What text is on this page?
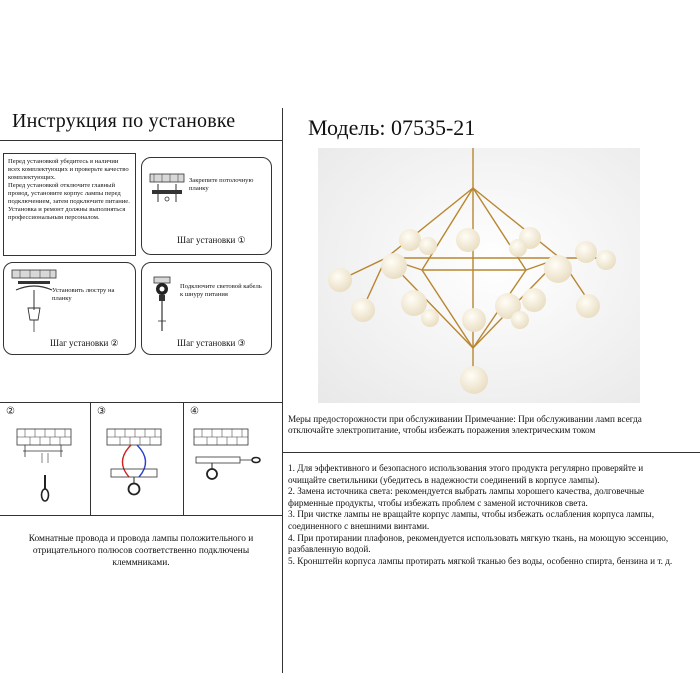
Инструкция по установке
Перед установкой убедитесь в наличии
всех комплектующих и проверьте качество
комплектующих.
Перед установкой отключите главный
провод, установите корпус лампы перед
подключением, затем подключите питание.
Установка и ремонт должны выполняться
профессиональным персоналом.
Закрепите потолочную
планку
Шаг установки ①
Установить люстру на
планку
Шаг установки ②
Подключите световой кабель
к шнуру питания
Шаг установки ③
②	③	④
Комнатные провода и провода лампы положительного и
отрицательного полюсов соответственно подключены
клеммниками.
Модель: 07535-21
Меры предосторожности при обслуживании Примечание: При обслуживании ламп всегда
отключайте электропитание, чтобы избежать поражения электрическим током
1. Для эффективного и безопасного использования этого продукта регулярно проверяйте и
очищайте светильники (убедитесь в надежности соединений в корпусе лампы).
2. Замена источника света: рекомендуется выбрать лампы хорошего качества, долговечные
фирменные продукты, чтобы избежать проблем с заменой источников света.
3. При чистке лампы не вращайте корпус лампы, чтобы избежать ослабления корпуса лампы,
соединенного с внешними винтами.
4. При протирании плафонов, рекомендуется использовать мягкую ткань, на моющую эссенцию,
разбавленную водой.
5. Кронштейн корпуса лампы протирать мягкой тканью без воды, особенно спирта, бензина и т. д.
